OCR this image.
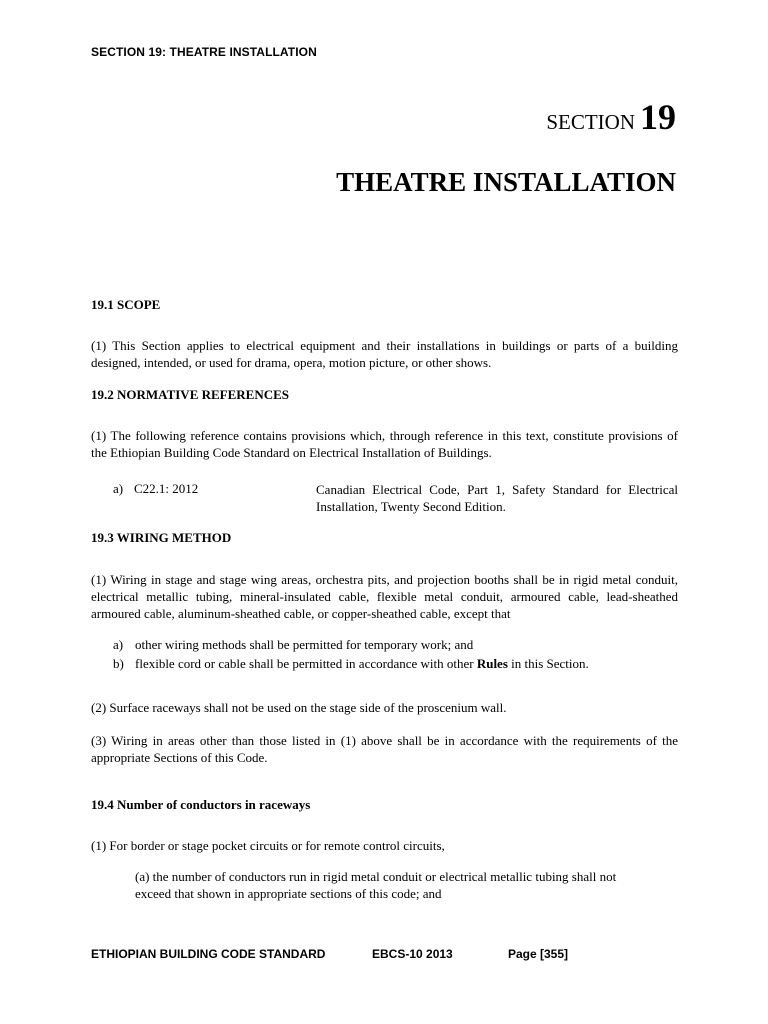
SECTION 19: THEATRE INSTALLATION
SECTION 19
THEATRE INSTALLATION
19.1 SCOPE
(1) This Section applies to electrical equipment and their installations in buildings or parts of a building designed, intended, or used for drama, opera, motion picture, or other shows.
19.2 NORMATIVE REFERENCES
(1) The following reference contains provisions which, through reference in this text, constitute provisions of the Ethiopian Building Code Standard on Electrical Installation of Buildings.
a) C22.1: 2012	Canadian Electrical Code, Part 1, Safety Standard for Electrical Installation, Twenty Second Edition.
19.3 WIRING METHOD
(1) Wiring in stage and stage wing areas, orchestra pits, and projection booths shall be in rigid metal conduit, electrical metallic tubing, mineral-insulated cable, flexible metal conduit, armoured cable, lead-sheathed armoured cable, aluminum-sheathed cable, or copper-sheathed cable, except that
a) other wiring methods shall be permitted for temporary work; and
b) flexible cord or cable shall be permitted in accordance with other Rules in this Section.
(2) Surface raceways shall not be used on the stage side of the proscenium wall.
(3) Wiring in areas other than those listed in (1) above shall be in accordance with the requirements of the appropriate Sections of this Code.
19.4 Number of conductors in raceways
(1) For border or stage pocket circuits or for remote control circuits,
(a) the number of conductors run in rigid metal conduit or electrical metallic tubing shall not exceed that shown in appropriate sections of this code; and
ETHIOPIAN BUILDING CODE STANDARD	EBCS-10 2013	Page [355]
